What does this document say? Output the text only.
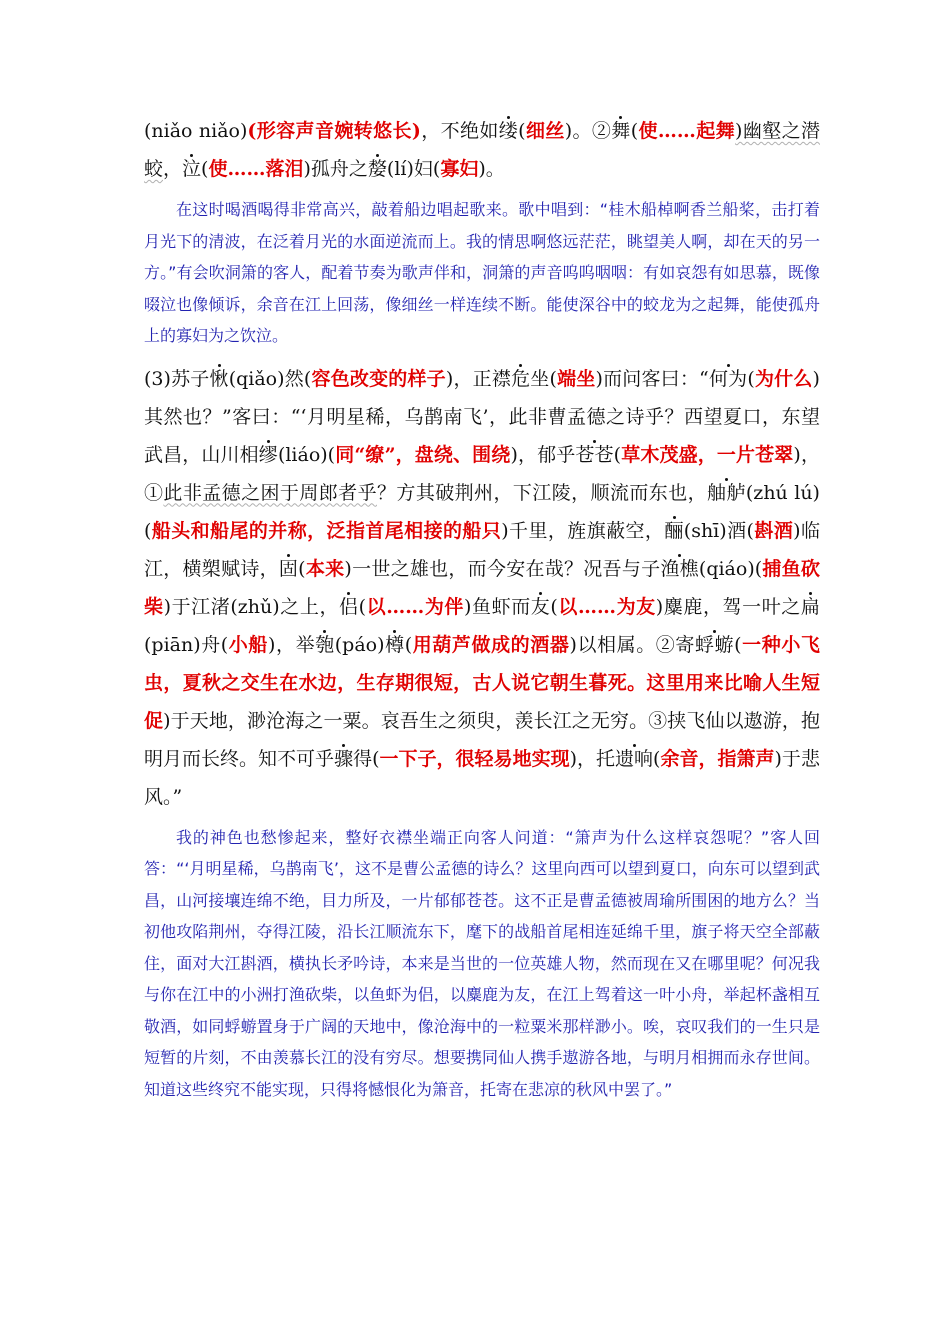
(niǎo niǎo)(形容声音婉转悠长)，不绝如缕(细丝)。②舞(使……起舞)幽壑之潜蛟，泣(使……落泪)孤舟之嫠(lí)妇(寡妇)。

在这时喝酒喝得非常高兴，敲着船边唱起歌来。歌中唱到：“桂木船棹啊香兰船桨，击打着月光下的清波，在泛着月光的水面逆流而上。我的情思啊悠远茫茫，眺望美人啊，却在天的另一方。”有会吹洞箫的客人，配着节奏为歌声伴和，洞箫的声音呜呜咽咽：有如哀怨有如思慕，既像啜泣也像倾诉，余音在江上回荡，像细丝一样连续不断。能使深谷中的蛟龙为之起舞，能使孤舟上的寡妇为之饮泣。

(3)苏子愀(qiǎo)然(容色改变的样子)，正襟危坐(端坐)而问客曰：“何为(为什么)其然也？”客曰：“‘月明星稀，乌鹊南飞’，此非曹孟德之诗乎？西望夏口，东望武昌，山川相缪(liáo)(同“缭”，盘绕、围绕)，郁乎苍苍(草木茂盛，一片苍翠)，①此非孟德之困于周郎者乎？方其破荆州，下江陵，顺流而东也，舳舻(zhú lú)(船头和船尾的并称，泛指首尾相接的船只)千里，旌旗蔽空，酾(shī)酒(斟酒)临江，横槊赋诗，固(本来)一世之雄也，而今安在哉？况吾与子渔樵(qiáo)(捕鱼砍柴)于江渚(zhǔ)之上，侣(以……为伴)鱼虾而友(以……为友)麋鹿，驾一叶之扁(piān)舟(小船)，举匏(páo)樽(用葫芦做成的酒器)以相属。②寄蜉蝣(一种小飞虫，夏秋之交生在水边，生存期很短，古人说它朝生暮死。这里用来比喻人生短促)于天地，渺沧海之一粟。哀吾生之须臾，羡长江之无穷。③挟飞仙以遨游，抱明月而长终。知不可乎骤得(一下子，很轻易地实现)，托遗响(余音，指箫声)于悲风。”

我的神色也愁惨起来，整好衣襟坐端正向客人问道：“箫声为什么这样哀怨呢？”客人回答：“‘月明星稀，乌鹊南飞’，这不是曹公孟德的诗么？这里向西可以望到夏口，向东可以望到武昌，山河接壤连绵不绝，目力所及，一片郁郁苍苍。这不正是曹孟德被周瑜所围困的地方么？当初他攻陷荆州，夺得江陵，沿长江顺流东下，麾下的战船首尾相连延绵千里，旗子将天空全部蔽住，面对大江斟酒，横执长矛吟诗，本来是当世的一位英雄人物，然而现在又在哪里呢？何况我与你在江中的小洲打渔砍柴，以鱼虾为侣，以麋鹿为友，在江上驾着这一叶小舟，举起杯盏相互敬酒，如同蜉蝣置身于广阔的天地中，像沧海中的一粒粟米那样渺小。唉，哀叹我们的一生只是短暂的片刻，不由羡慕长江的没有穷尽。想要携同仙人携手遨游各地，与明月相拥而永存世间。知道这些终究不能实现，只得将憾恨化为箫音，托寄在悲凉的秋风中罢了。”
